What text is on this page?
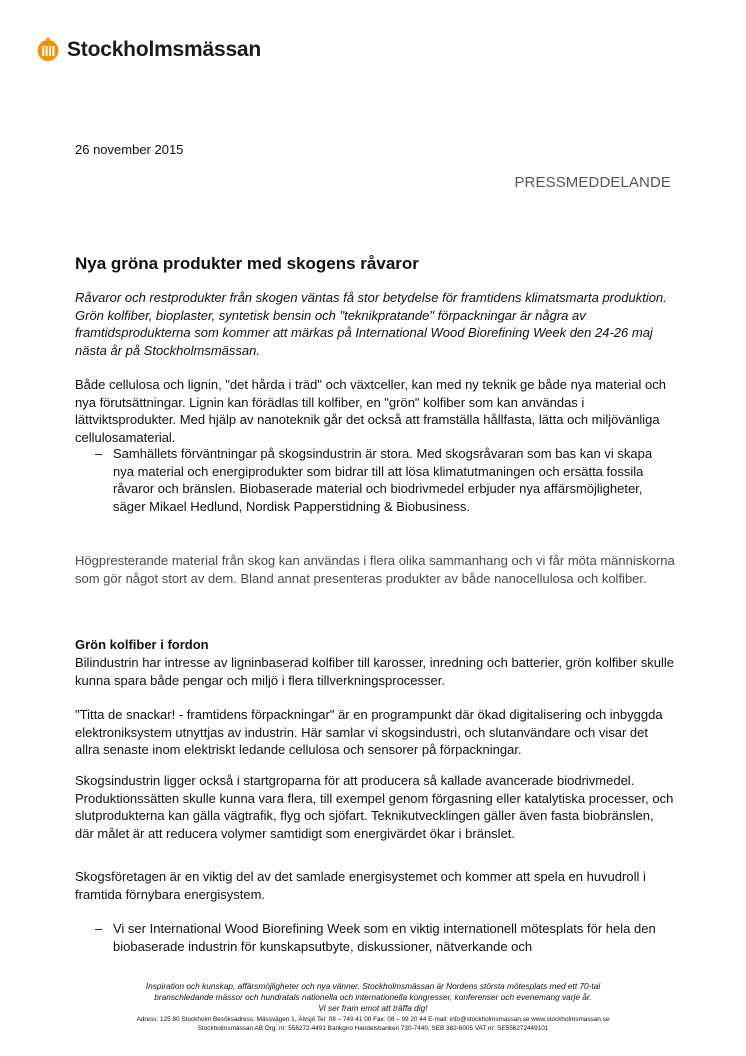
Stockholmsmässan
26 november 2015
PRESSMEDDELANDE
Nya gröna produkter med skogens råvaror

Råvaror och restprodukter från skogen väntas få stor betydelse för framtidens klimatsmarta produktion. Grön kolfiber, bioplaster, syntetisk bensin och "teknikpratande" förpackningar är några av framtidsprodukterna som kommer att märkas på International Wood Biorefining Week den 24-26 maj nästa år på Stockholmsmässan.

Både cellulosa och lignin, "det hårda i träd" och växtceller, kan med ny teknik ge både nya material och nya förutsättningar. Lignin kan förädlas till kolfiber, en "grön" kolfiber som kan användas i lättviktsprodukter. Med hjälp av nanoteknik går det också att framställa hållfasta, lätta och miljövänliga cellulosamaterial.

– Samhällets förväntningar på skogsindustrin är stora. Med skogsråvaran som bas kan vi skapa nya material och energiprodukter som bidrar till att lösa klimatutmaningen och ersätta fossila råvaror och bränslen. Biobaserade material och biodrivmedel erbjuder nya affärsmöjligheter, säger Mikael Hedlund, Nordisk Papperstidning & Biobusiness.

Högpresterande material från skog kan användas i flera olika sammanhang och vi får möta människorna som gör något stort av dem. Bland annat presenteras produkter av både nanocellulosa och kolfiber.

Grön kolfiber i fordon

Bilindustrin har intresse av ligninbaserad kolfiber till karosser, inredning och batterier, grön kolfiber skulle kunna spara både pengar och miljö i flera tillverkningsprocesser.

"Titta de snackar! - framtidens förpackningar" är en programpunkt där ökad digitalisering och inbyggda elektroniksystem utnyttjas av industrin. Här samlar vi skogsindustri, och slutanvändare och visar det allra senaste inom elektriskt ledande cellulosa och sensorer på förpackningar.

Skogsindustrin ligger också i startgroparna för att producera så kallade avancerade biodrivmedel. Produktionssätten skulle kunna vara flera, till exempel genom förgasning eller katalytiska processer, och slutprodukterna kan gälla vägtrafik, flyg och sjöfart. Teknikutvecklingen gäller även fasta biobränslen, där målet är att reducera volymer samtidigt som energivärdet ökar i bränslet.

Skogsföretagen är en viktig del av det samlade energisystemet och kommer att spela en huvudroll i framtida förnybara energisystem.

– Vi ser International Wood Biorefining Week som en viktig internationell mötesplats för hela den biobaserade industrin för kunskapsutbyte, diskussioner, nätverkande och
Inspiration och kunskap, affärsmöjligheter och nya vänner. Stockholmsmässan är Nordens största mötesplats med ett 70-tal
branschledande mässor och hundratals nationella och internationella kongresser, konferenser och evenemang varje år.
Vi ser fram emot att träffa dig!
Adress: 125 80 Stockholm Besöksadress: Mässvägen 1, Älvsjö Tel: 08 – 749 41 00 Fax: 08 – 99 20 44 E-mail: info@stockholmsmassan.se www.stockholmsmassan.se
Stockholmsmässan AB Org. nr: 556272-4491 Bankgiro Handelsbanken 730-7440, SEB 382-6005 VAT nr: SE556272449101
